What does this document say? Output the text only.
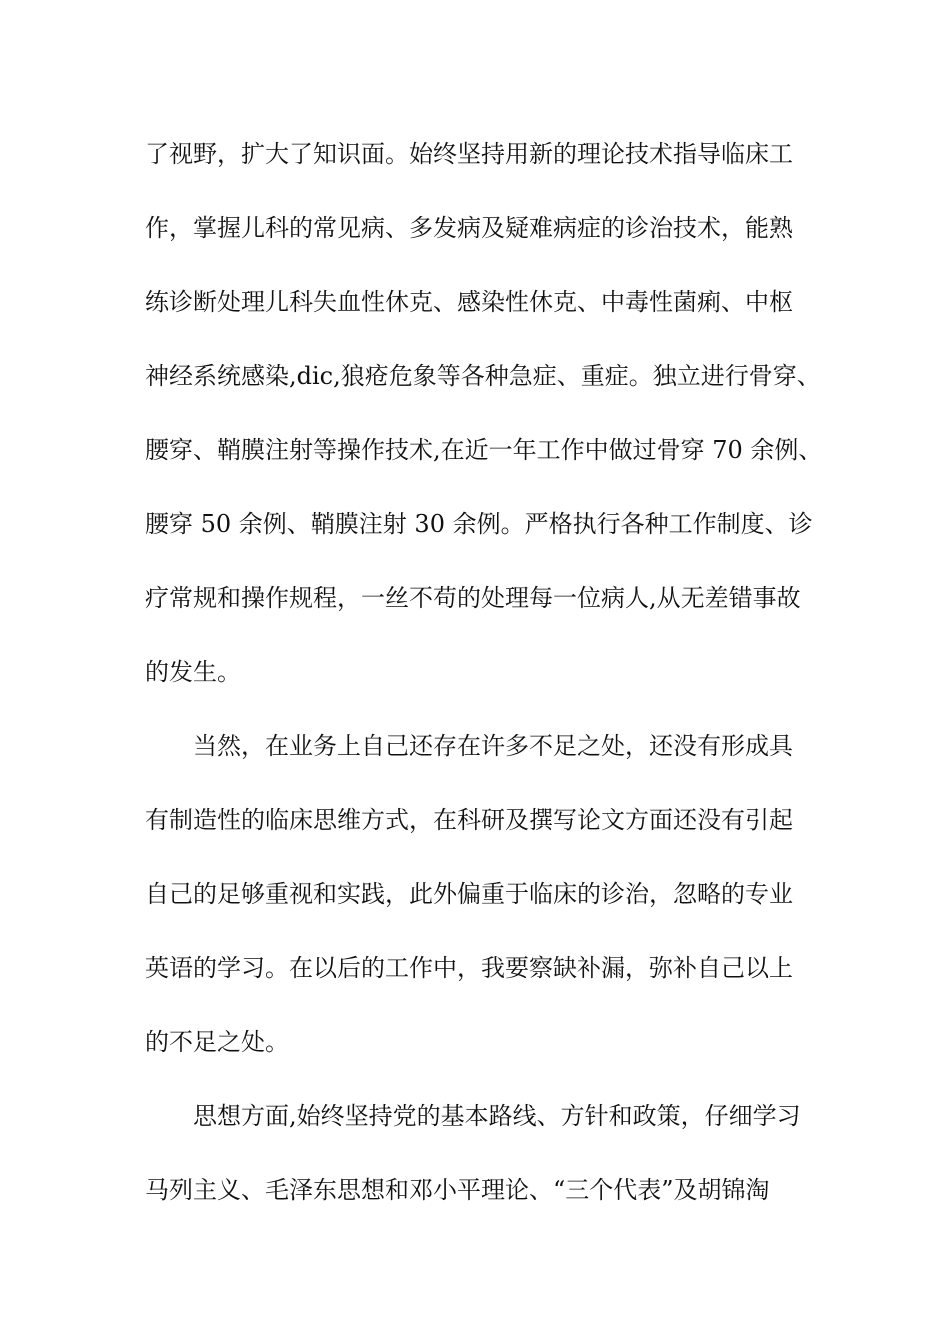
了视野，扩大了知识面。始终坚持用新的理论技术指导临床工
作，掌握儿科的常见病、多发病及疑难病症的诊治技术，能熟
练诊断处理儿科失血性休克、感染性休克、中毒性菌痢、中枢
神经系统感染,dic,狼疮危象等各种急症、重症。独立进行骨穿、
腰穿、鞘膜注射等操作技术,在近一年工作中做过骨穿 70 余例、
腰穿 50 余例、鞘膜注射 30 余例。严格执行各种工作制度、诊
疗常规和操作规程，一丝不苟的处理每一位病人,从无差错事故
的发生。
当然，在业务上自己还存在许多不足之处，还没有形成具
有制造性的临床思维方式，在科研及撰写论文方面还没有引起
自己的足够重视和实践，此外偏重于临床的诊治，忽略的专业
英语的学习。在以后的工作中，我要察缺补漏，弥补自己以上
的不足之处。
思想方面,始终坚持党的基本路线、方针和政策，仔细学习
马列主义、毛泽东思想和邓小平理论、“三个代表”及胡锦淘
